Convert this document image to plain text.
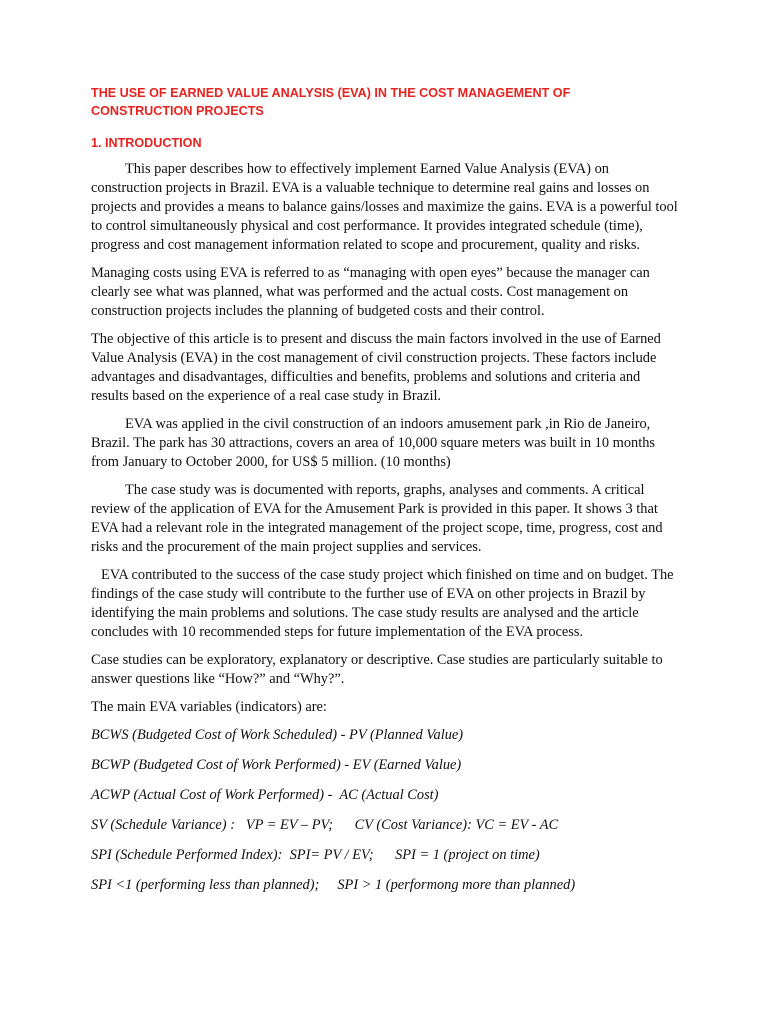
THE USE OF EARNED VALUE ANALYSIS (EVA) IN THE COST MANAGEMENT OF CONSTRUCTION PROJECTS
1. INTRODUCTION

This paper describes how to effectively implement Earned Value Analysis (EVA) on construction projects in Brazil. EVA is a valuable technique to determine real gains and losses on projects and provides a means to balance gains/losses and maximize the gains. EVA is a powerful tool to control simultaneously physical and cost performance. It provides integrated schedule (time), progress and cost management information related to scope and procurement, quality and risks.

Managing costs using EVA is referred to as “managing with open eyes” because the manager can clearly see what was planned, what was performed and the actual costs. Cost management on construction projects includes the planning of budgeted costs and their control.

The objective of this article is to present and discuss the main factors involved in the use of Earned Value Analysis (EVA) in the cost management of civil construction projects. These factors include advantages and disadvantages, difficulties and benefits, problems and solutions and criteria and results based on the experience of a real case study in Brazil.

EVA was applied in the civil construction of an indoors amusement park ,in Rio de Janeiro, Brazil. The park has 30 attractions, covers an area of 10,000 square meters was built in 10 months from January to October 2000, for US$ 5 million. (10 months)

The case study was is documented with reports, graphs, analyses and comments. A critical review of the application of EVA for the Amusement Park is provided in this paper. It shows 3 that EVA had a relevant role in the integrated management of the project scope, time, progress, cost and risks and the procurement of the main project supplies and services.

EVA contributed to the success of the case study project which finished on time and on budget. The findings of the case study will contribute to the further use of EVA on other projects in Brazil by identifying the main problems and solutions. The case study results are analysed and the article concludes with 10 recommended steps for future implementation of the EVA process.

Case studies can be exploratory, explanatory or descriptive. Case studies are particularly suitable to answer questions like “How?” and “Why?”.

The main EVA variables (indicators) are:

BCWS (Budgeted Cost of Work Scheduled) - PV (Planned Value)
BCWP (Budgeted Cost of Work Performed) - EV (Earned Value)
ACWP (Actual Cost of Work Performed) -  AC (Actual Cost)
SV (Schedule Variance) :   VP = EV – PV;      CV (Cost Variance): VC = EV - AC
SPI (Schedule Performed Index):  SPI= PV / EV;      SPI = 1 (project on time)
SPI <1 (performing less than planned);     SPI > 1 (performong more than planned)
